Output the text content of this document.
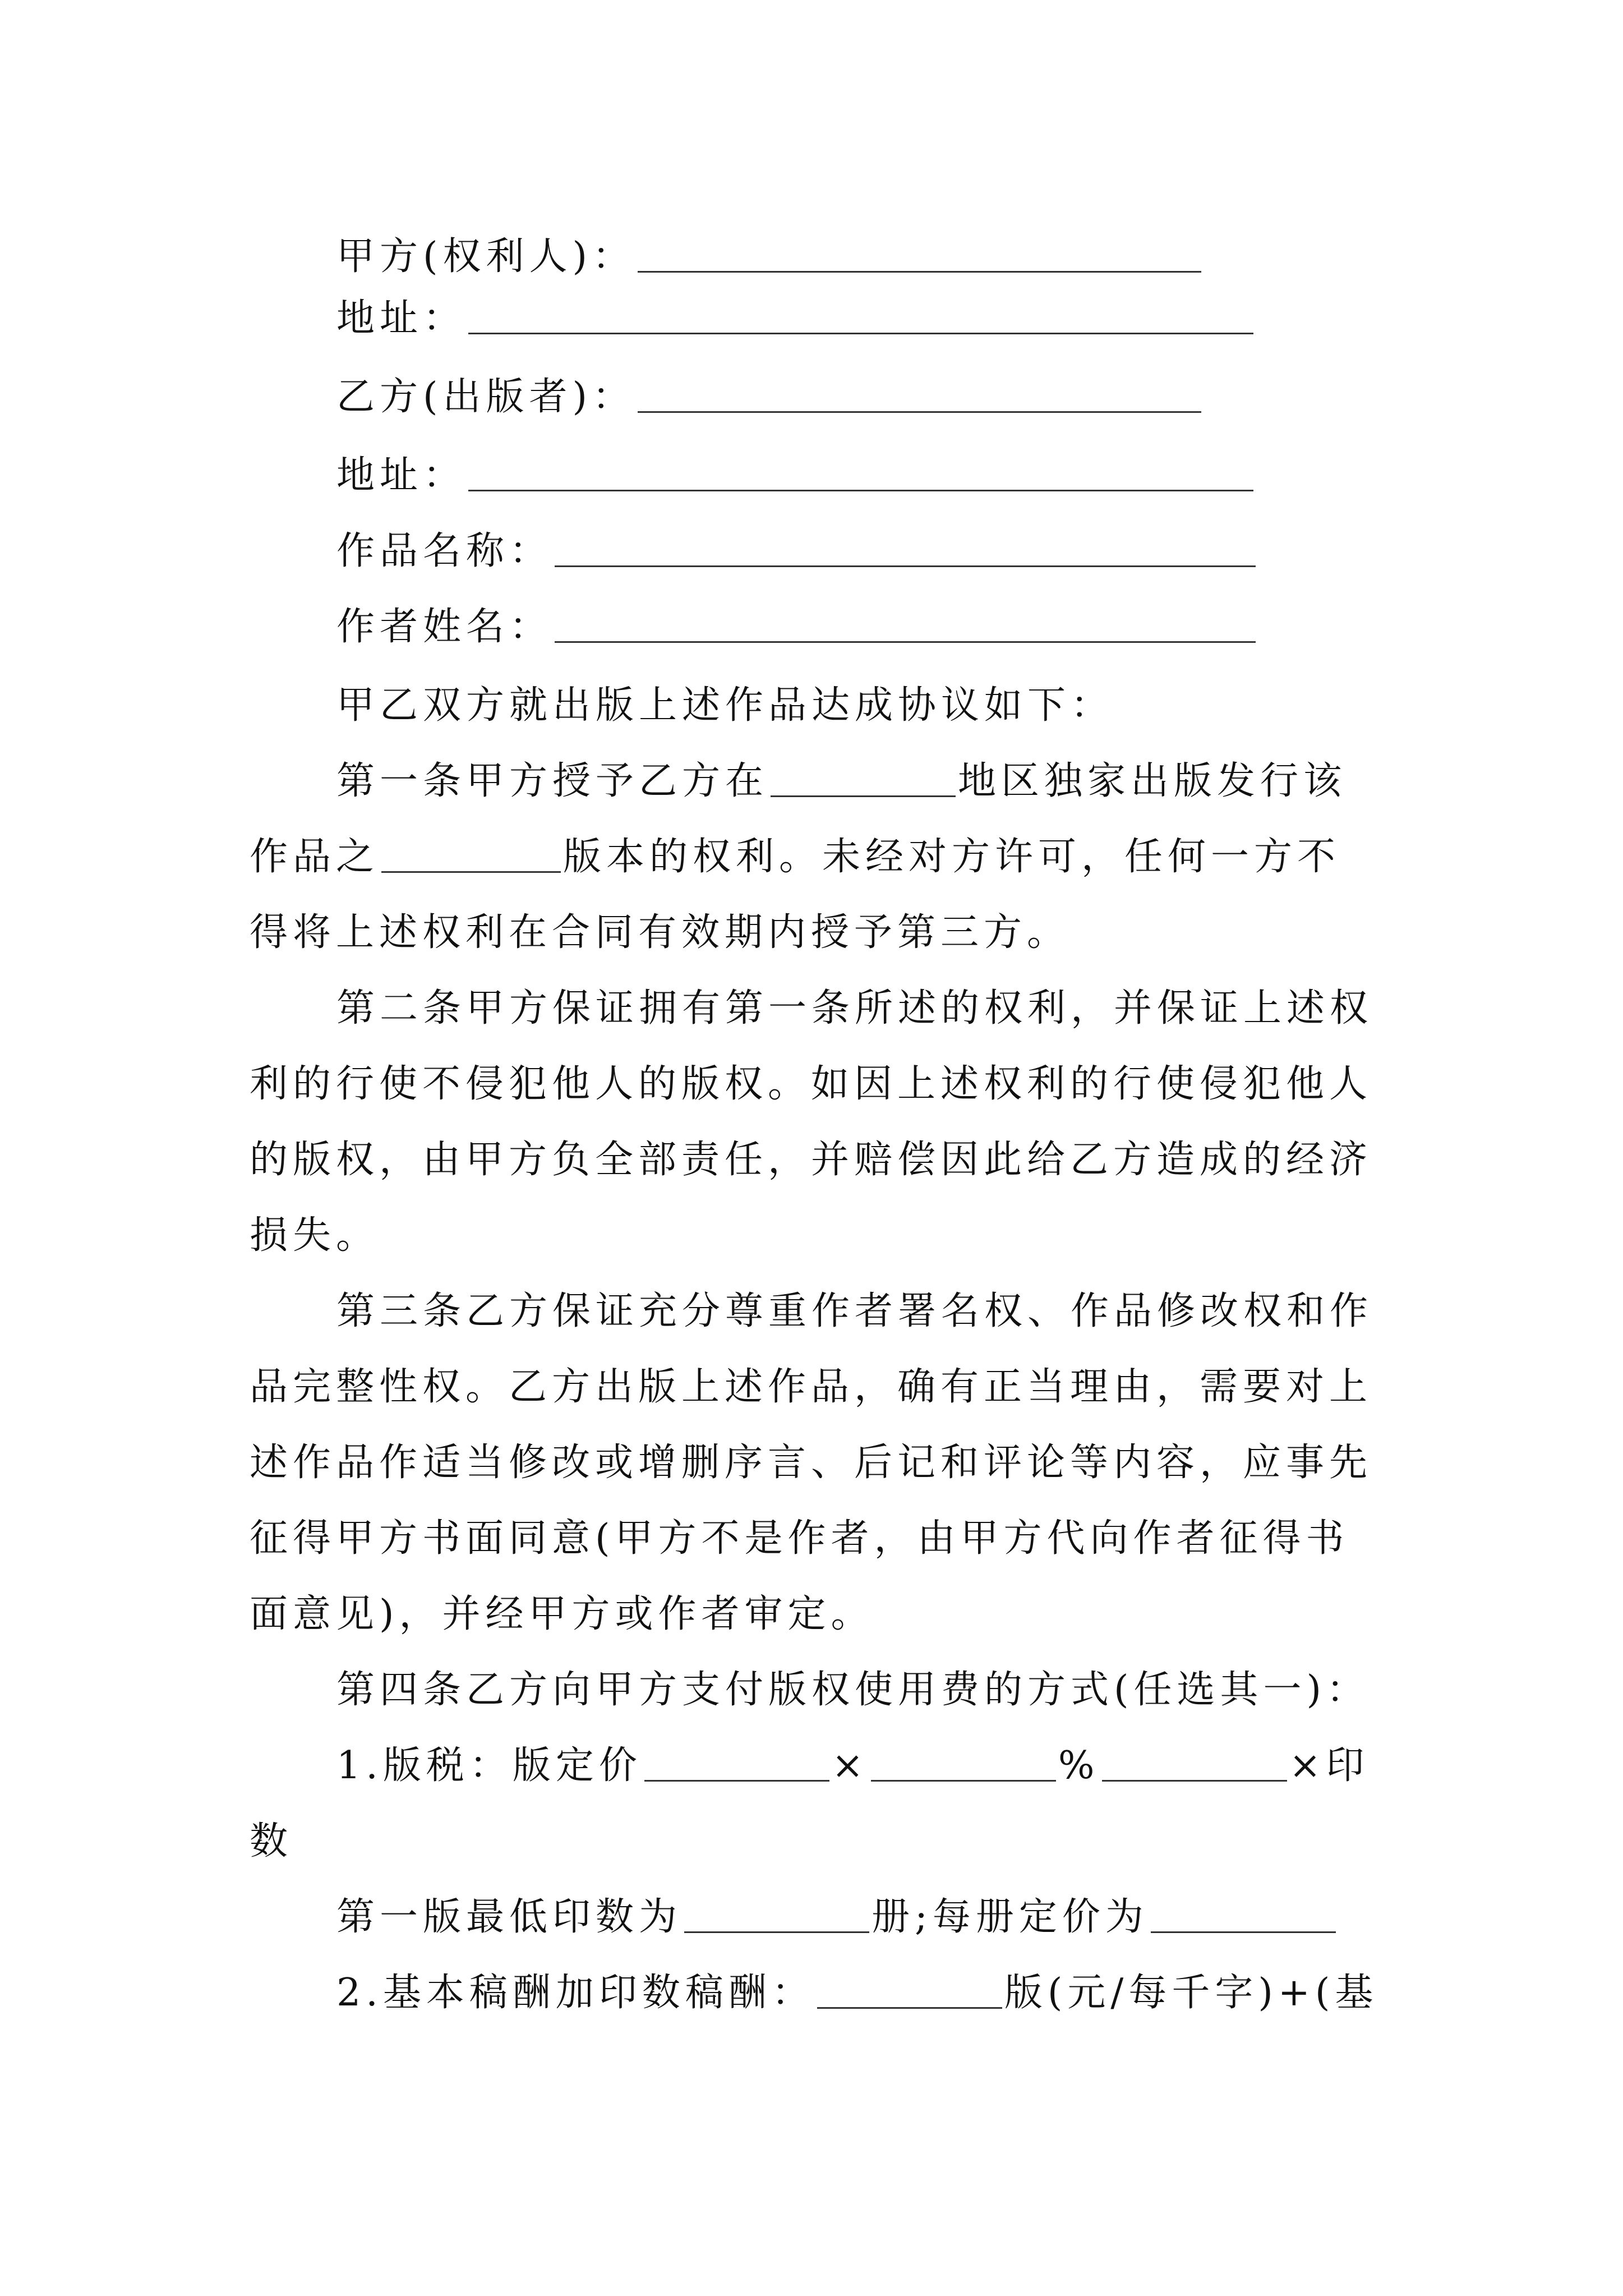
甲方(权利人)：
地址：
乙方(出版者)：
地址：
作品名称：
作者姓名：
甲乙双方就出版上述作品达成协议如下：
第一条甲方授予乙方在	地区独家出版发行该
作品之	版本的权利。未经对方许可，任何一方不
得将上述权利在合同有效期内授予第三方。
第二条甲方保证拥有第一条所述的权利，并保证上述权
利的行使不侵犯他人的版权。如因上述权利的行使侵犯他人
的版权，由甲方负全部责任，并赔偿因此给乙方造成的经济
损失。
第三条乙方保证充分尊重作者署名权、作品修改权和作
品完整性权。乙方出版上述作品，确有正当理由，需要对上
述作品作适当修改或增删序言、后记和评论等内容，应事先
征得甲方书面同意(甲方不是作者，由甲方代向作者征得书
面意见)，并经甲方或作者审定。
第四条乙方向甲方支付版权使用费的方式(任选其一)：
1.版税：版定价	×	%	×印
数
第一版最低印数为	册;每册定价为
2.基本稿酬加印数稿酬：	版(元/每千字)+(基
